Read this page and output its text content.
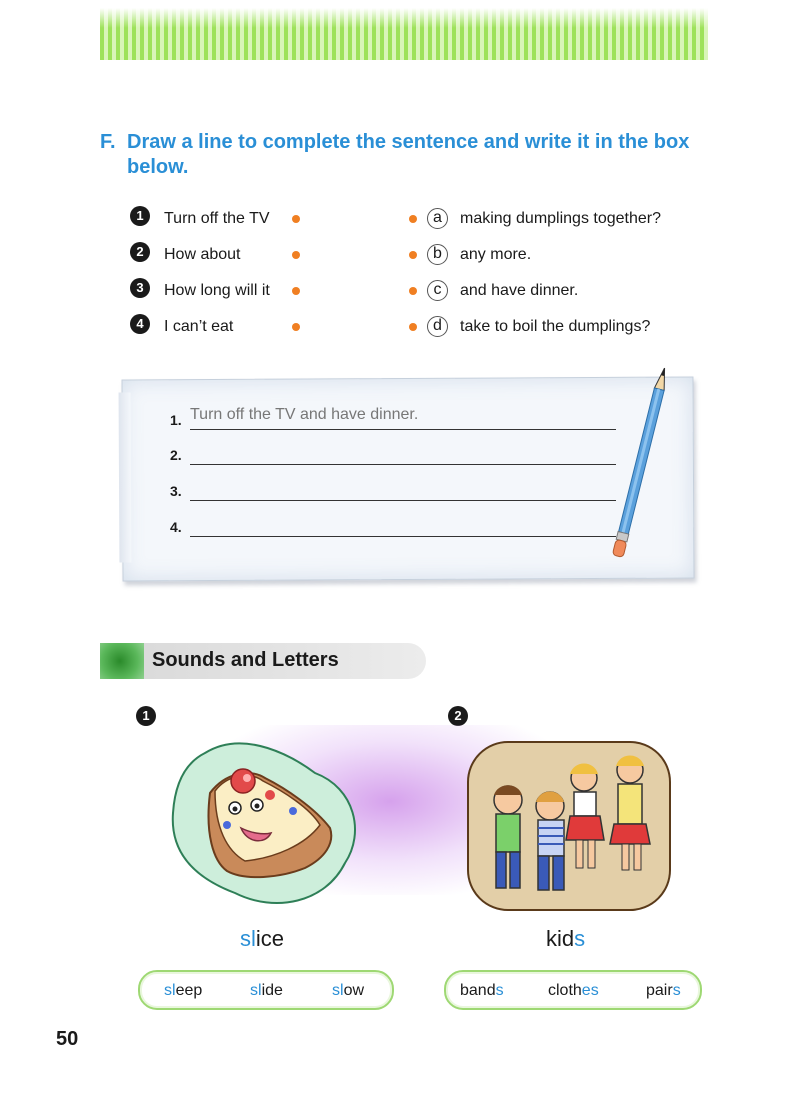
F. Draw a line to complete the sentence and write it in the box below.
1	Turn off the TV
2	How about
3	How long will it
4	I can’t eat
a	making dumplings together?
b	any more.
c	and have dinner.
d	take to boil the dumplings?
1. Turn off the TV and have dinner.
2.
3.
4.
Sounds and Letters
1	2
slice	kids
sleep	slide	slow	bands	clothes	pairs
50
